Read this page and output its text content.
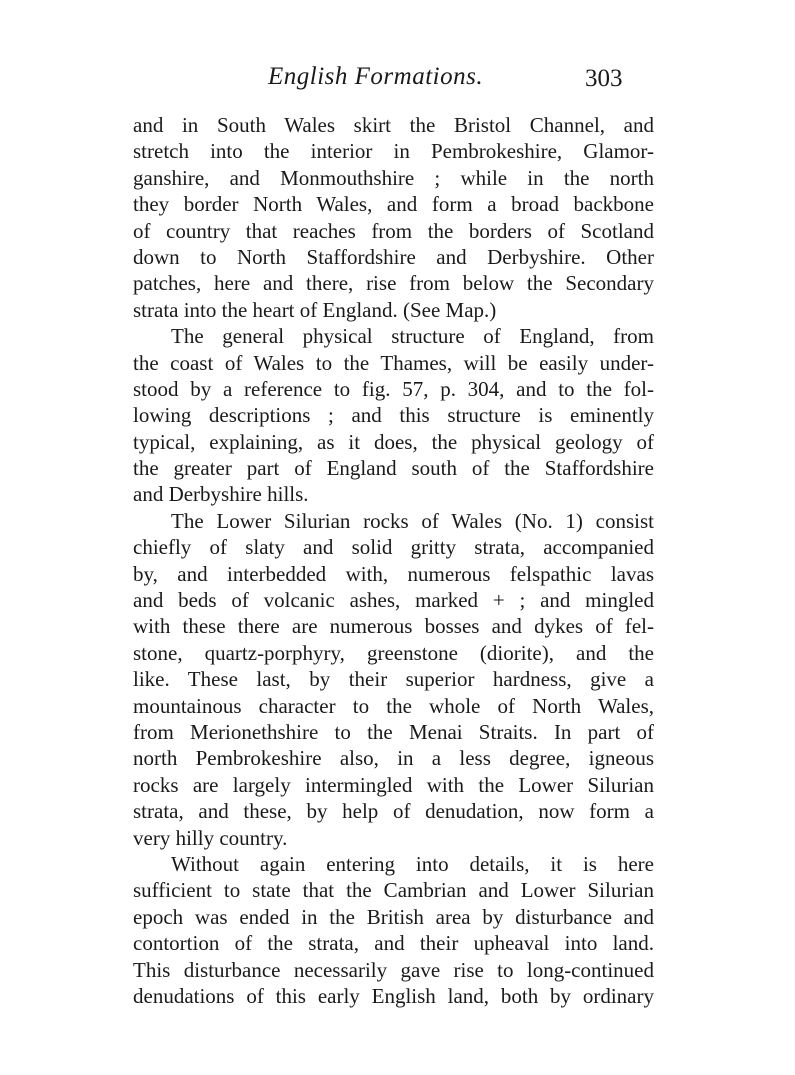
English Formations.	303
and in South Wales skirt the Bristol Channel, and
stretch into the interior in Pembrokeshire, Glamor-
ganshire, and Monmouthshire ; while in the north
they border North Wales, and form a broad backbone
of country that reaches from the borders of Scotland
down to North Staffordshire and Derbyshire. Other
patches, here and there, rise from below the Secondary
strata into the heart of England. (See Map.)
The general physical structure of England, from
the coast of Wales to the Thames, will be easily under-
stood by a reference to fig. 57, p. 304, and to the fol-
lowing descriptions ; and this structure is eminently
typical, explaining, as it does, the physical geology of
the greater part of England south of the Staffordshire
and Derbyshire hills.
The Lower Silurian rocks of Wales (No. 1) consist
chiefly of slaty and solid gritty strata, accompanied
by, and interbedded with, numerous felspathic lavas
and beds of volcanic ashes, marked + ; and mingled
with these there are numerous bosses and dykes of fel-
stone, quartz-porphyry, greenstone (diorite), and the
like. These last, by their superior hardness, give a
mountainous character to the whole of North Wales,
from Merionethshire to the Menai Straits. In part of
north Pembrokeshire also, in a less degree, igneous
rocks are largely intermingled with the Lower Silurian
strata, and these, by help of denudation, now form a
very hilly country.
Without again entering into details, it is here
sufficient to state that the Cambrian and Lower Silurian
epoch was ended in the British area by disturbance and
contortion of the strata, and their upheaval into land.
This disturbance necessarily gave rise to long-continued
denudations of this early English land, both by ordinary
